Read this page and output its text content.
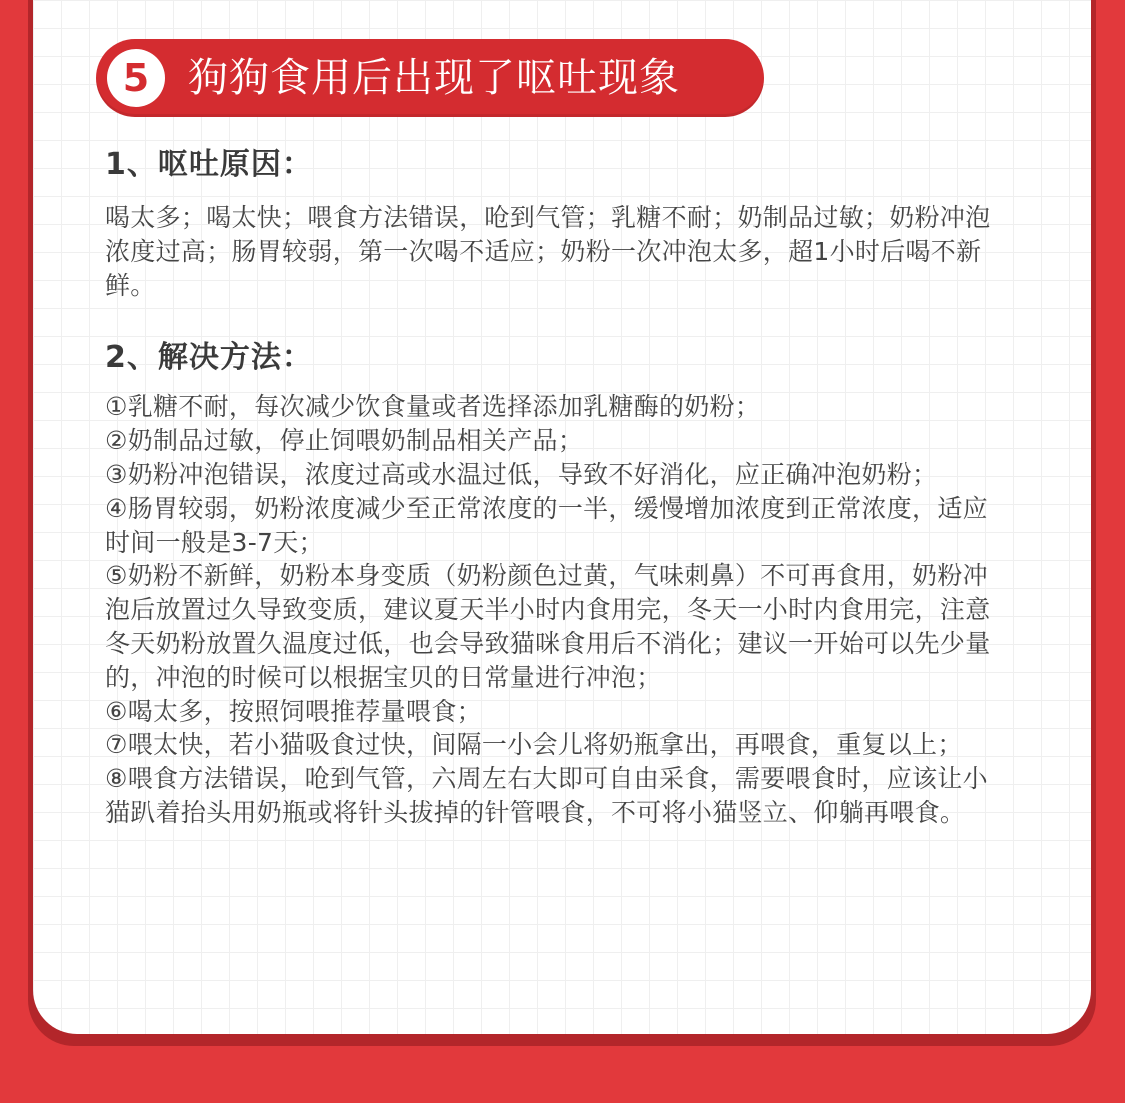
5 狗狗食用后出现了呕吐现象
1、呕吐原因：
喝太多；喝太快；喂食方法错误，呛到气管；乳糖不耐；奶制品过敏；奶粉冲泡浓度过高；肠胃较弱，第一次喝不适应；奶粉一次冲泡太多，超1小时后喝不新鲜。
2、解决方法：
①乳糖不耐，每次减少饮食量或者选择添加乳糖酶的奶粉；
②奶制品过敏，停止饲喂奶制品相关产品；
③奶粉冲泡错误，浓度过高或水温过低，导致不好消化，应正确冲泡奶粉；
④肠胃较弱，奶粉浓度减少至正常浓度的一半，缓慢增加浓度到正常浓度，适应时间一般是3-7天；
⑤奶粉不新鲜，奶粉本身变质（奶粉颜色过黄，气味刺鼻）不可再食用，奶粉冲泡后放置过久导致变质，建议夏天半小时内食用完，冬天一小时内食用完，注意冬天奶粉放置久温度过低，也会导致猫咪食用后不消化；建议一开始可以先少量的，冲泡的时候可以根据宝贝的日常量进行冲泡；
⑥喝太多，按照饲喂推荐量喂食；
⑦喂太快，若小猫吸食过快，间隔一小会儿将奶瓶拿出，再喂食，重复以上；
⑧喂食方法错误，呛到气管，六周左右大即可自由采食，需要喂食时，应该让小猫趴着抬头用奶瓶或将针头拔掉的针管喂食，不可将小猫竖立、仰躺再喂食。
